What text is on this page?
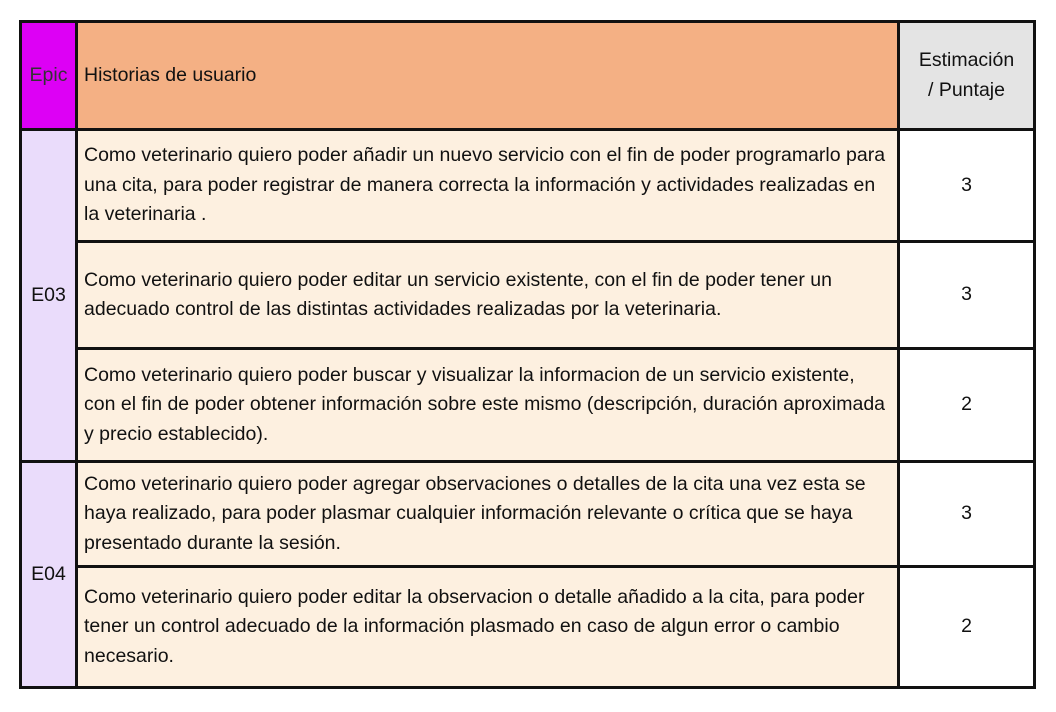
Epic	Historias de usuario	Estimación
/ Puntaje

E03	Como veterinario quiero poder añadir un nuevo servicio con el fin de poder programarlo para una cita, para poder registrar de manera correcta la información y actividades realizadas en la veterinaria .	3
	Como veterinario quiero poder editar un servicio existente, con el fin de poder tener un adecuado control de las distintas actividades realizadas por la veterinaria.	3
	Como veterinario quiero poder buscar y visualizar la informacion de un servicio existente, con el fin de poder obtener información sobre este mismo (descripción, duración aproximada y precio establecido).	2
E04	Como veterinario quiero poder agregar observaciones o detalles de la cita una vez esta se haya realizado, para poder plasmar cualquier información relevante o crítica que se haya presentado durante la sesión.	3
	Como veterinario quiero poder editar la observacion o detalle añadido a la cita, para poder tener un control adecuado de la información plasmado en caso de algun error o cambio necesario.	2
